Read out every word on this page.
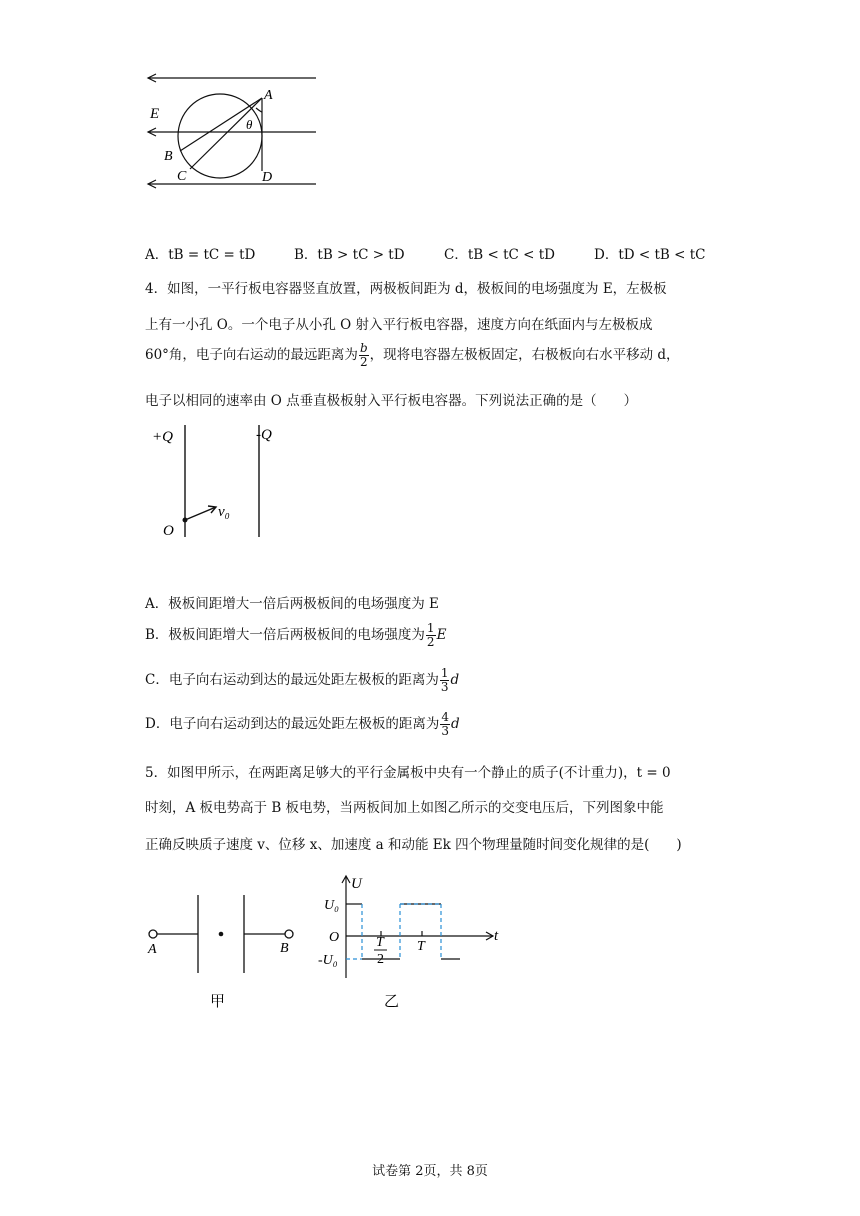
E
A
θ
B
C	D
A．tB = tC = tD	B．tB > tC > tD	C．tB < tC < tD	D．tD < tB < tC
4．如图，一平行板电容器竖直放置，两极板间距为 d，极板间的电场强度为 E，左极板
上有一小孔 O。一个电子从小孔 O 射入平行板电容器，速度方向在纸面内与左极板成
60°角，电子向右运动的最远距离为 $\frac{b}{2}$ ，现将电容器左极板固定，右极板向右水平移动 d，
电子以相同的速率由 O 点垂直极板射入平行板电容器。下列说法正确的是（　　）
+Q	-Q
O
v₀
A．极板间距增大一倍后两极板间的电场强度为 E
B．极板间距增大一倍后两极板间的电场强度为 $\frac{1}{2}$ E
C．电子向右运动到达的最远处距左极板的距离为 $\frac{1}{3}$ d
D．电子向右运动到达的最远处距左极板的距离为 $\frac{4}{3}$ d
5．如图甲所示，在两距离足够大的平行金属板中央有一个静止的质子(不计重力)，t = 0
时刻，A 板电势高于 B 板电势，当两板间加上如图乙所示的交变电压后，下列图象中能
正确反映质子速度 v、位移 x、加速度 a 和动能 Ek 四个物理量随时间变化规律的是(　　)
A	B
甲
U
U₀
O
-U₀
T
2
T
t
乙
试卷第 2页，共 8页
